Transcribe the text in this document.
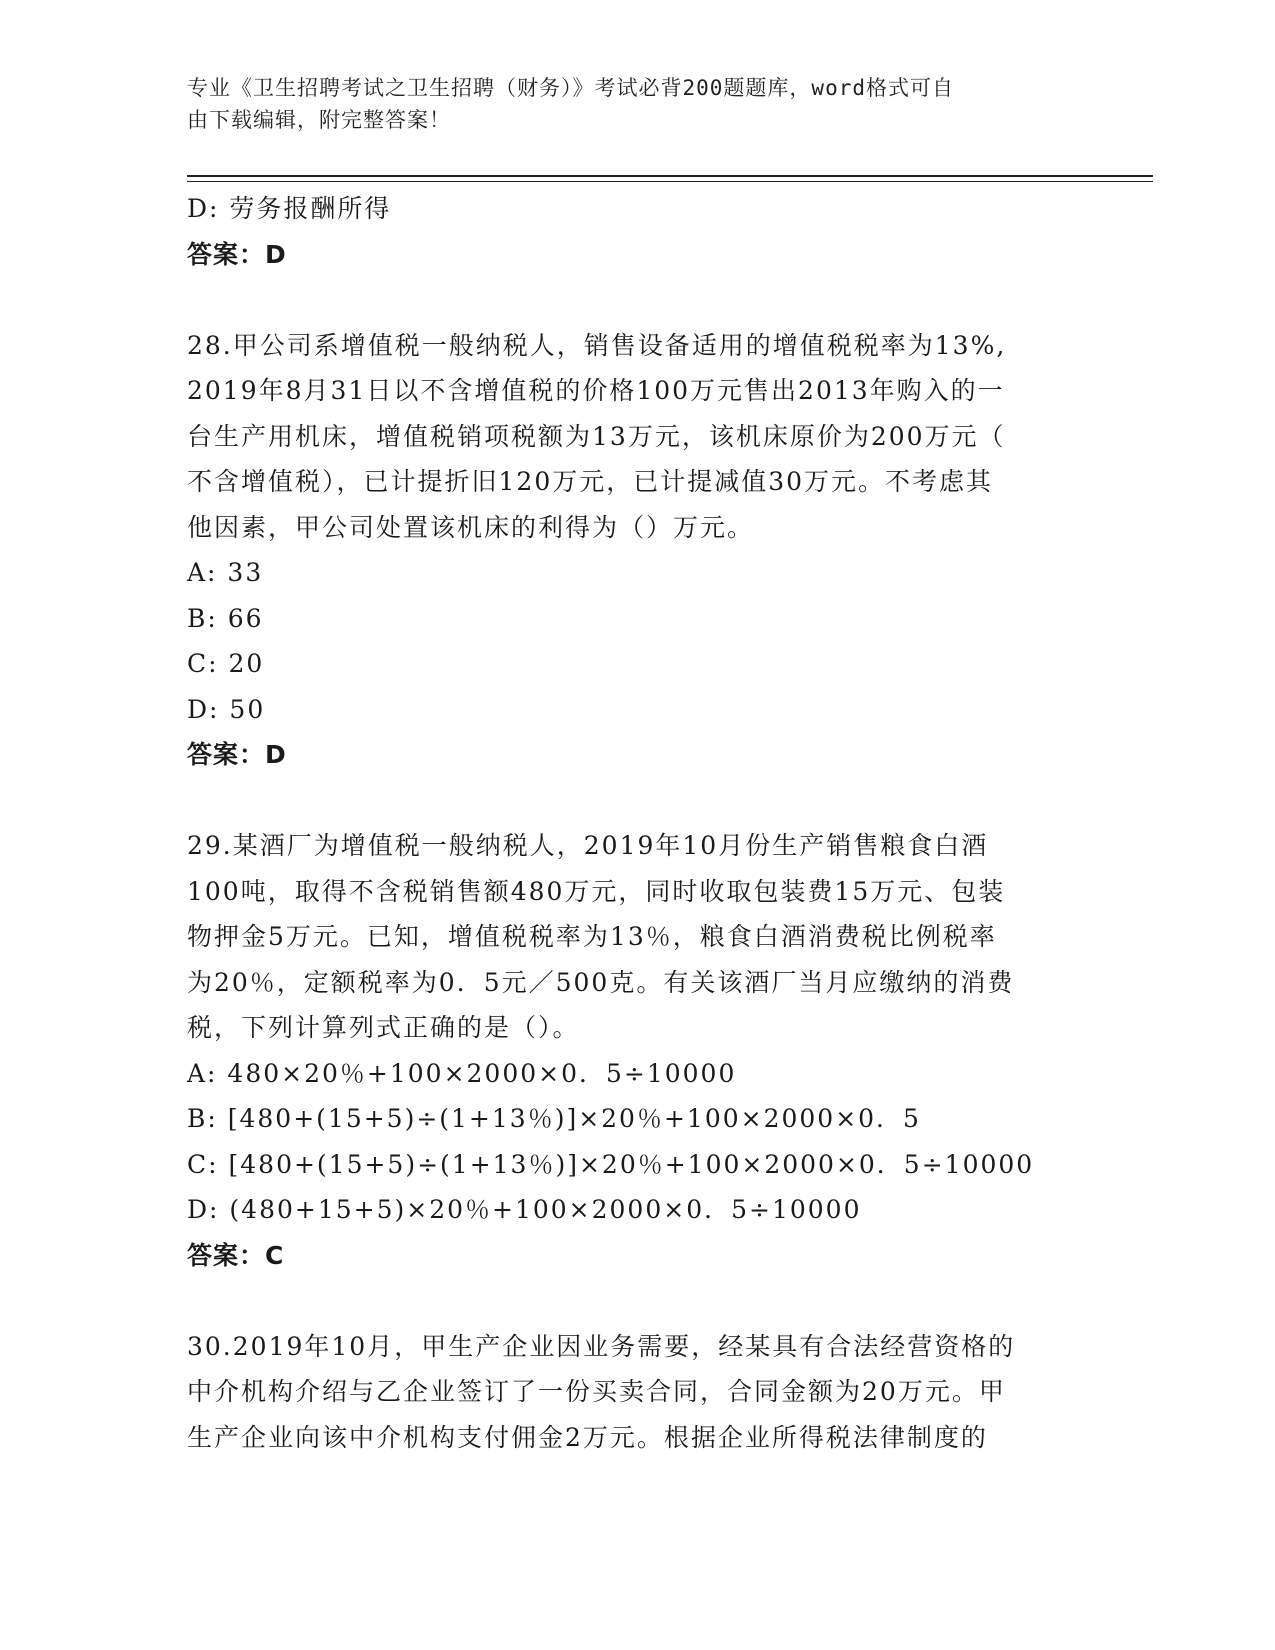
专业《卫生招聘考试之卫生招聘（财务）》考试必背200题题库，word格式可自
由下载编辑，附完整答案！
D: 劳务报酬所得
答案：D
28.甲公司系增值税一般纳税人，销售设备适用的增值税税率为13%,
2019年8月31日以不含增值税的价格100万元售出2013年购入的一
台生产用机床，增值税销项税额为13万元，该机床原价为200万元（
不含增值税），已计提折旧120万元，已计提减值30万元。不考虑其
他因素，甲公司处置该机床的利得为（）万元。
A: 33
B: 66
C: 20
D: 50
答案：D
29.某酒厂为增值税一般纳税人，2019年10月份生产销售粮食白酒
100吨，取得不含税销售额480万元，同时收取包装费15万元、包装
物押金5万元。已知，增值税税率为13％，粮食白酒消费税比例税率
为20％，定额税率为0．5元／500克。有关该酒厂当月应缴纳的消费
税，下列计算列式正确的是（）。
A: 480×20％+100×2000×0．5÷10000
B: [480+(15+5)÷(1+13％)]×20％+100×2000×0．5
C: [480+(15+5)÷(1+13％)]×20％+100×2000×0．5÷10000
D: (480+15+5)×20％+100×2000×0．5÷10000
答案：C
30.2019年10月，甲生产企业因业务需要，经某具有合法经营资格的
中介机构介绍与乙企业签订了一份买卖合同，合同金额为20万元。甲
生产企业向该中介机构支付佣金2万元。根据企业所得税法律制度的
